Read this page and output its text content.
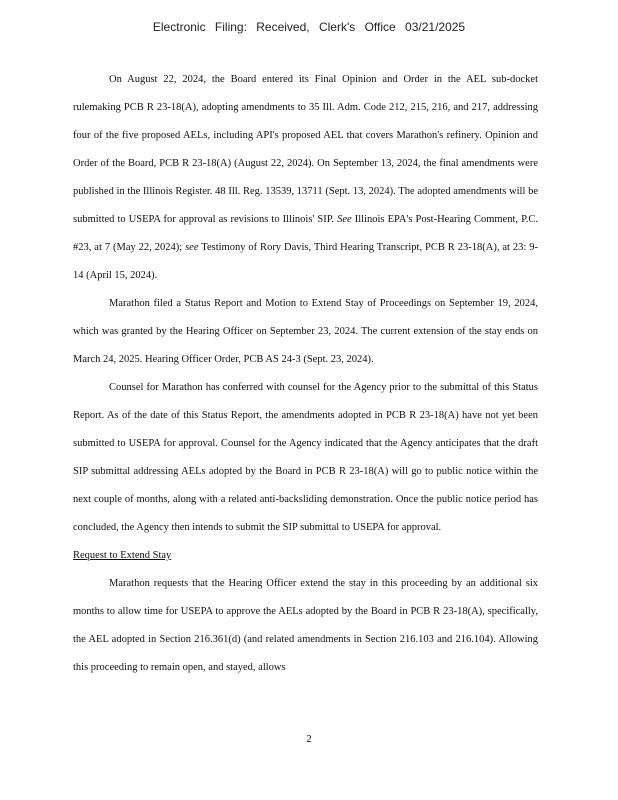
Electronic Filing: Received, Clerk's Office 03/21/2025

On August 22, 2024, the Board entered its Final Opinion and Order in the AEL sub-docket rulemaking PCB R 23-18(A), adopting amendments to 35 Ill. Adm. Code 212, 215, 216, and 217, addressing four of the five proposed AELs, including API's proposed AEL that covers Marathon's refinery. Opinion and Order of the Board, PCB R 23-18(A) (August 22, 2024). On September 13, 2024, the final amendments were published in the Illinois Register. 48 Ill. Reg. 13539, 13711 (Sept. 13, 2024). The adopted amendments will be submitted to USEPA for approval as revisions to Illinois' SIP. See Illinois EPA's Post-Hearing Comment, P.C. #23, at 7 (May 22, 2024); see Testimony of Rory Davis, Third Hearing Transcript, PCB R 23-18(A), at 23: 9-14 (April 15, 2024).

Marathon filed a Status Report and Motion to Extend Stay of Proceedings on September 19, 2024, which was granted by the Hearing Officer on September 23, 2024. The current extension of the stay ends on March 24, 2025. Hearing Officer Order, PCB AS 24-3 (Sept. 23, 2024).

Counsel for Marathon has conferred with counsel for the Agency prior to the submittal of this Status Report. As of the date of this Status Report, the amendments adopted in PCB R 23-18(A) have not yet been submitted to USEPA for approval. Counsel for the Agency indicated that the Agency anticipates that the draft SIP submittal addressing AELs adopted by the Board in PCB R 23-18(A) will go to public notice within the next couple of months, along with a related anti-backsliding demonstration. Once the public notice period has concluded, the Agency then intends to submit the SIP submittal to USEPA for approval.

Request to Extend Stay

Marathon requests that the Hearing Officer extend the stay in this proceeding by an additional six months to allow time for USEPA to approve the AELs adopted by the Board in PCB R 23-18(A), specifically, the AEL adopted in Section 216.361(d) (and related amendments in Section 216.103 and 216.104). Allowing this proceeding to remain open, and stayed, allows

2
